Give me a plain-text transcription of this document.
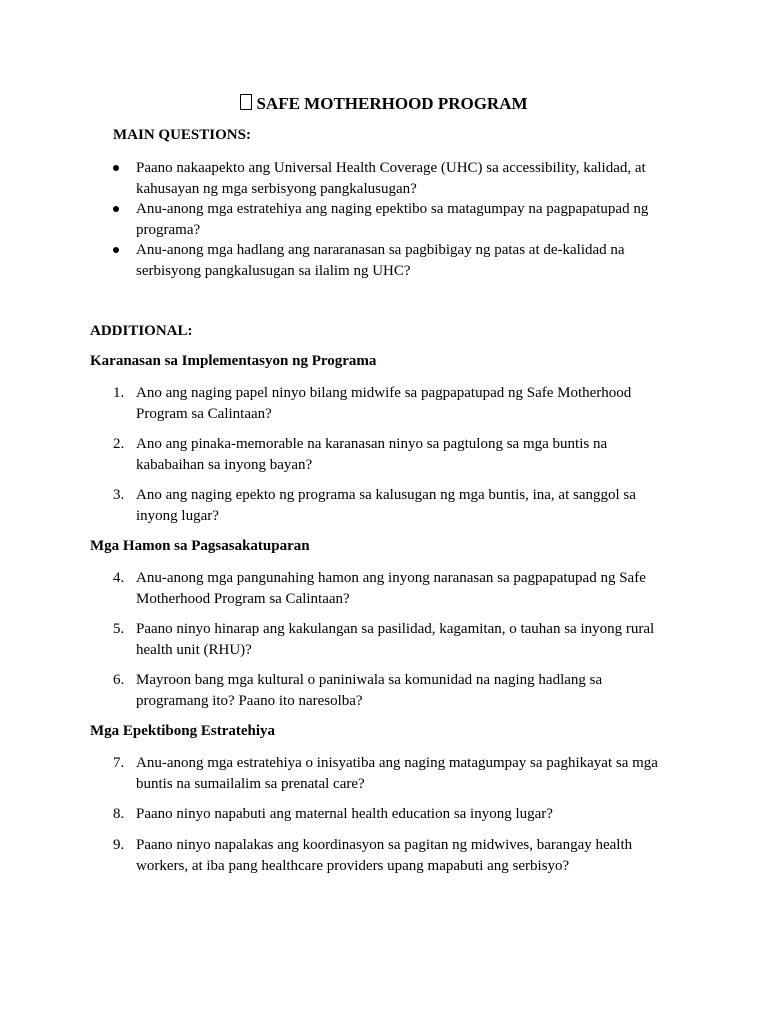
SAFE MOTHERHOOD PROGRAM
MAIN QUESTIONS:
Paano nakaapekto ang Universal Health Coverage (UHC) sa accessibility, kalidad, at kahusayan ng mga serbisyong pangkalusugan?
Anu-anong mga estratehiya ang naging epektibo sa matagumpay na pagpapatupad ng programa?
Anu-anong mga hadlang ang nararanasan sa pagbibigay ng patas at de-kalidad na serbisyong pangkalusugan sa ilalim ng UHC?
ADDITIONAL:
Karanasan sa Implementasyon ng Programa
1. Ano ang naging papel ninyo bilang midwife sa pagpapatupad ng Safe Motherhood Program sa Calintaan?
2. Ano ang pinaka-memorable na karanasan ninyo sa pagtulong sa mga buntis na kababaihan sa inyong bayan?
3. Ano ang naging epekto ng programa sa kalusugan ng mga buntis, ina, at sanggol sa inyong lugar?
Mga Hamon sa Pagsasakatuparan
4. Anu-anong mga pangunahing hamon ang inyong naranasan sa pagpapatupad ng Safe Motherhood Program sa Calintaan?
5. Paano ninyo hinarap ang kakulangan sa pasilidad, kagamitan, o tauhan sa inyong rural health unit (RHU)?
6. Mayroon bang mga kultural o paniniwala sa komunidad na naging hadlang sa programang ito? Paano ito naresolba?
Mga Epektibong Estratehiya
7. Anu-anong mga estratehiya o inisyatiba ang naging matagumpay sa paghikayat sa mga buntis na sumailalim sa prenatal care?
8. Paano ninyo napabuti ang maternal health education sa inyong lugar?
9. Paano ninyo napalakas ang koordinasyon sa pagitan ng midwives, barangay health workers, at iba pang healthcare providers upang mapabuti ang serbisyo?
